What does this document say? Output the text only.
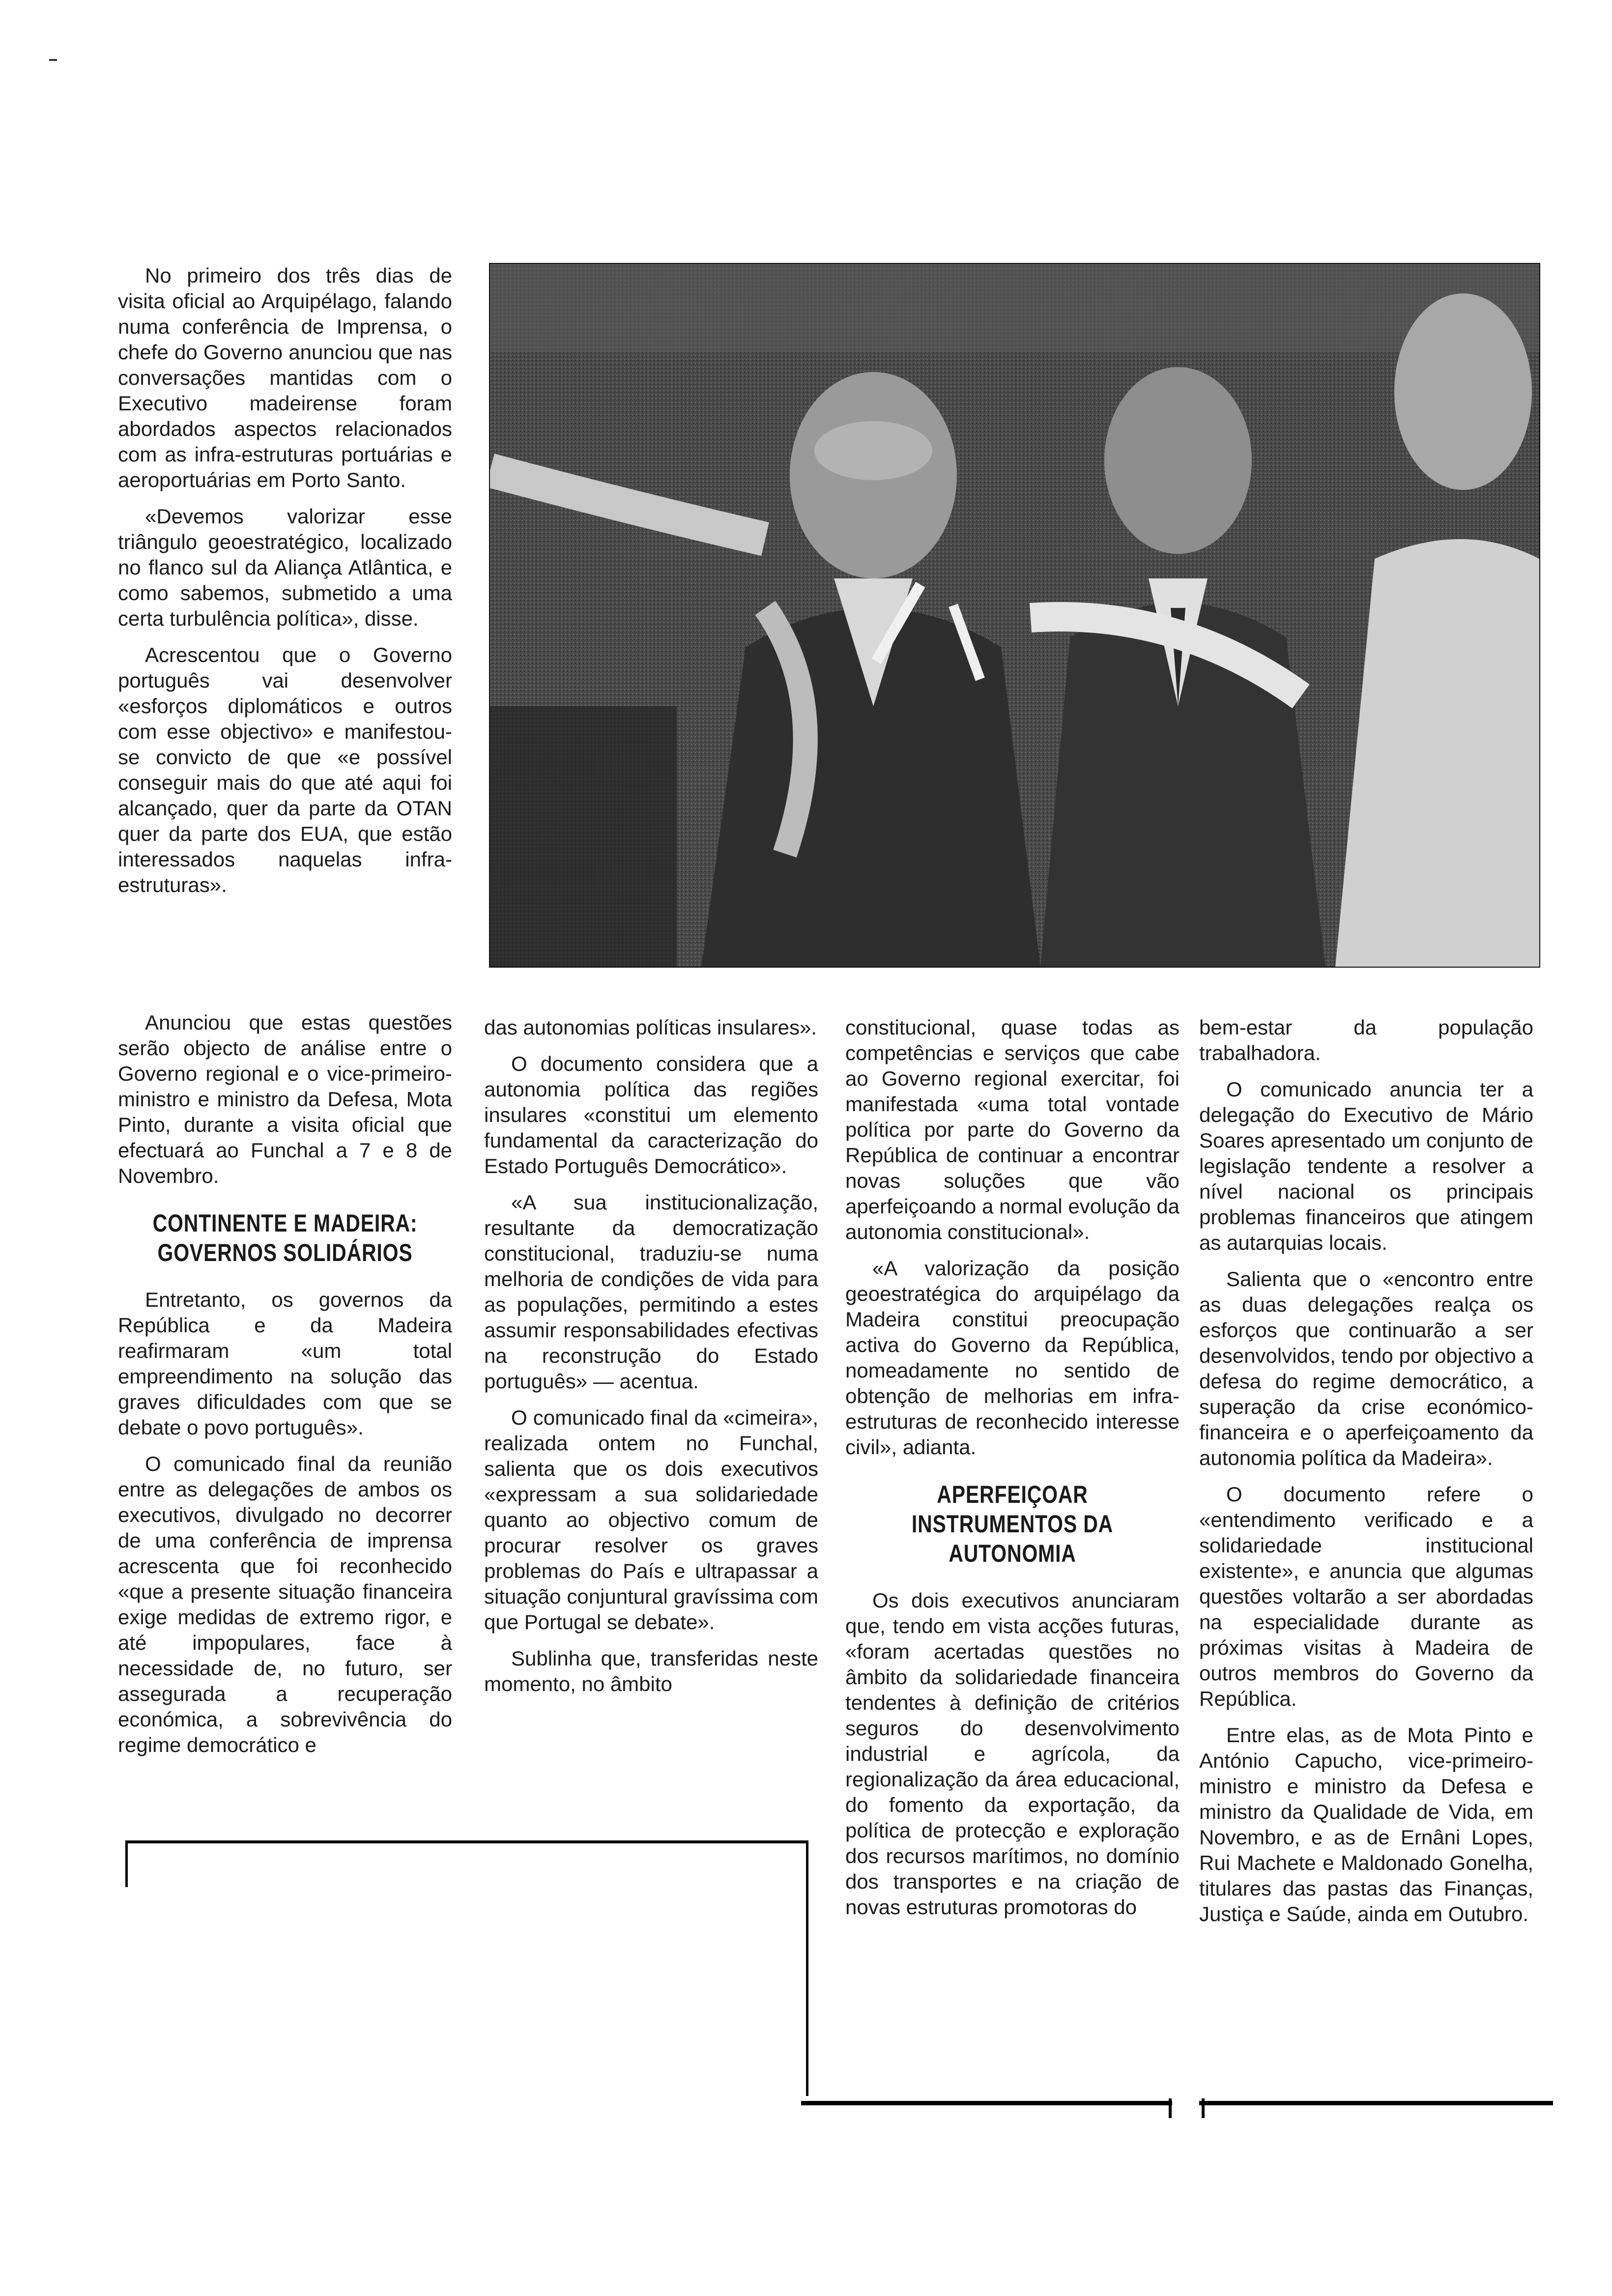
No primeiro dos três dias de visita oficial ao Arquipélago, falando numa conferência de Imprensa, o chefe do Governo anunciou que nas conversações mantidas com o Executivo madeirense foram abordados aspectos relacionados com as infra-estruturas portuárias e aeroportuárias em Porto Santo.

«Devemos valorizar esse triângulo geoestratégico, localizado no flanco sul da Aliança Atlântica, e como sabemos, submetido a uma certa turbulência política», disse.

Acrescentou que o Governo português vai desenvolver «esforços diplomáticos e outros com esse objectivo» e manifestou-se convicto de que «e possível conseguir mais do que até aqui foi alcançado, quer da parte da OTAN quer da parte dos EUA, que estão interessados naquelas infra-estruturas».

Anunciou que estas questões serão objecto de análise entre o Governo regional e o vice-primeiro-ministro e ministro da Defesa, Mota Pinto, durante a visita oficial que efectuará ao Funchal a 7 e 8 de Novembro.

CONTINENTE E MADEIRA: GOVERNOS SOLIDÁRIOS

Entretanto, os governos da República e da Madeira reafirmaram «um total empreendimento na solução das graves dificuldades com que se debate o povo português».

O comunicado final da reunião entre as delegações de ambos os executivos, divulgado no decorrer de uma conferência de imprensa acrescenta que foi reconhecido «que a presente situação financeira exige medidas de extremo rigor, e até impopulares, face à necessidade de, no futuro, ser assegurada a recuperação económica, a sobrevivência do regime democrático e

das autonomias políticas insulares».

O documento considera que a autonomia política das regiões insulares «constitui um elemento fundamental da caracterização do Estado Português Democrático».

«A sua institucionalização, resultante da democratização constitucional, traduziu-se numa melhoria de condições de vida para as populações, permitindo a estes assumir responsabilidades efectivas na reconstrução do Estado português» — acentua.

O comunicado final da «cimeira», realizada ontem no Funchal, salienta que os dois executivos «expressam a sua solidariedade quanto ao objectivo comum de procurar resolver os graves problemas do País e ultrapassar a situação conjuntural gravíssima com que Portugal se debate».

Sublinha que, transferidas neste momento, no âmbito

constitucional, quase todas as competências e serviços que cabe ao Governo regional exercitar, foi manifestada «uma total vontade política por parte do Governo da República de continuar a encontrar novas soluções que vão aperfeiçoando a normal evolução da autonomia constitucional».

«A valorização da posição geoestratégica do arquipélago da Madeira constitui preocupação activa do Governo da República, nomeadamente no sentido de obtenção de melhorias em infra-estruturas de reconhecido interesse civil», adianta.

APERFEIÇOAR INSTRUMENTOS DA AUTONOMIA

Os dois executivos anunciaram que, tendo em vista acções futuras, «foram acertadas questões no âmbito da solidariedade financeira tendentes à definição de critérios seguros do desenvolvimento industrial e agrícola, da regionalização da área educacional, do fomento da exportação, da política de protecção e exploração dos recursos marítimos, no domínio dos transportes e na criação de novas estruturas promotoras do

bem-estar da população trabalhadora.

O comunicado anuncia ter a delegação do Executivo de Mário Soares apresentado um conjunto de legislação tendente a resolver a nível nacional os principais problemas financeiros que atingem as autarquias locais.

Salienta que o «encontro entre as duas delegações realça os esforços que continuarão a ser desenvolvidos, tendo por objectivo a defesa do regime democrático, a superação da crise económico-financeira e o aperfeiçoamento da autonomia política da Madeira».

O documento refere o «entendimento verificado e a solidariedade institucional existente», e anuncia que algumas questões voltarão a ser abordadas na especialidade durante as próximas visitas à Madeira de outros membros do Governo da República.

Entre elas, as de Mota Pinto e António Capucho, vice-primeiro-ministro e ministro da Defesa e ministro da Qualidade de Vida, em Novembro, e as de Ernâni Lopes, Rui Machete e Maldonado Gonelha, titulares das pastas das Finanças, Justiça e Saúde, ainda em Outubro.
